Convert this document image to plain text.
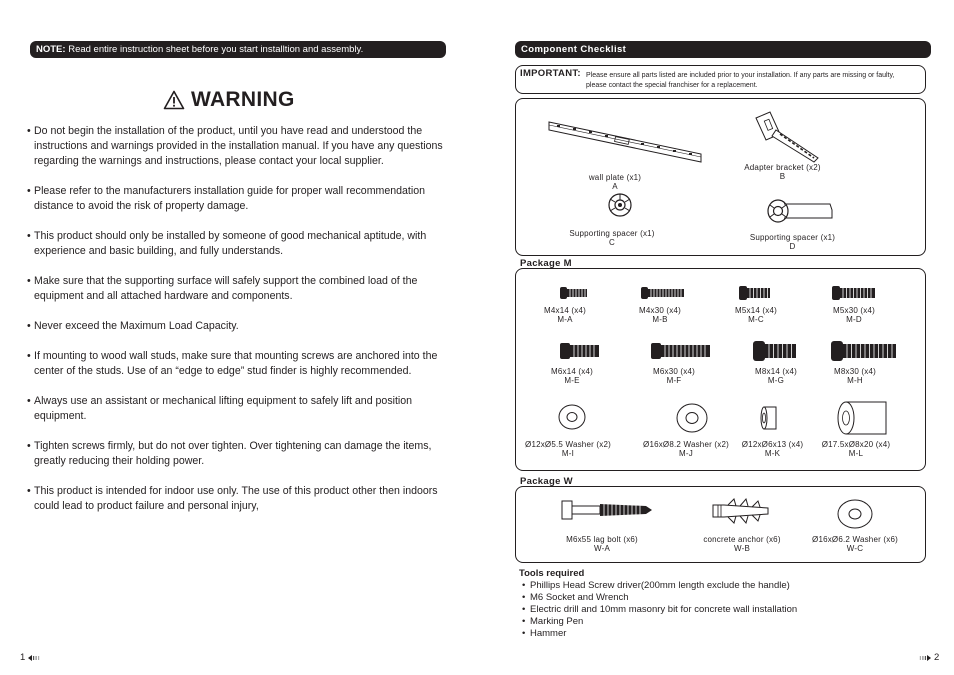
NOTE: Read entire instruction sheet before you start installtion and assembly.
WARNING
• Do not begin the installation of the product, until you have read and understood the instructions and warnings provided in the installation manual. If you have any questions regarding the warnings and instructions, please contact your local supplier.
• Please refer to the manufacturers installation guide for proper wall recommendation distance to avoid the risk of property damage.
• This product should only be installed by someone of good mechanical aptitude, with experience and basic building, and fully understands.
• Make sure that the supporting surface will safely support the combined load of the equipment and all attached hardware and components.
• Never exceed the Maximum Load Capacity.
• If mounting to wood wall studs, make sure that mounting screws are anchored into the center of the studs. Use of an “edge to edge” stud finder is highly recommended.
• Always use an assistant or mechanical lifting equipment to safely lift and position equipment.
• Tighten screws firmly, but do not over tighten. Over tightening can damage the items, greatly reducing their holding power.
• This product is intended for indoor use only. The use of this product other then indoors could lead to product failure and personal injury,
1
Component Checklist
IMPORTANT: Please ensure all parts listed are included prior to your installation. If any parts are missing or faulty, please contact the special franchiser for a replacement.
wall plate (x1)
A
Adapter bracket (x2)
B
Supporting spacer (x1)
C
Supporting spacer (x1)
D
Package M
M4x14 (x4)
M-A
M4x30 (x4)
M-B
M5x14 (x4)
M-C
M5x30 (x4)
M-D
M6x14 (x4)
M-E
M6x30 (x4)
M-F
M8x14 (x4)
M-G
M8x30 (x4)
M-H
Ø12xØ5.5 Washer (x2)
M-I
Ø16xØ8.2 Washer (x2)
M-J
Ø12xØ6x13 (x4)
M-K
Ø17.5xØ8x20 (x4)
M-L
Package W
M6x55 lag bolt (x6)
W-A
concrete anchor (x6)
W-B
Ø16xØ6.2 Washer (x6)
W-C
Tools required
• Phillips Head Screw driver(200mm length exclude the handle)
• M6 Socket and Wrench
• Electric drill and 10mm masonry bit for concrete wall installation
• Marking Pen
• Hammer
2
